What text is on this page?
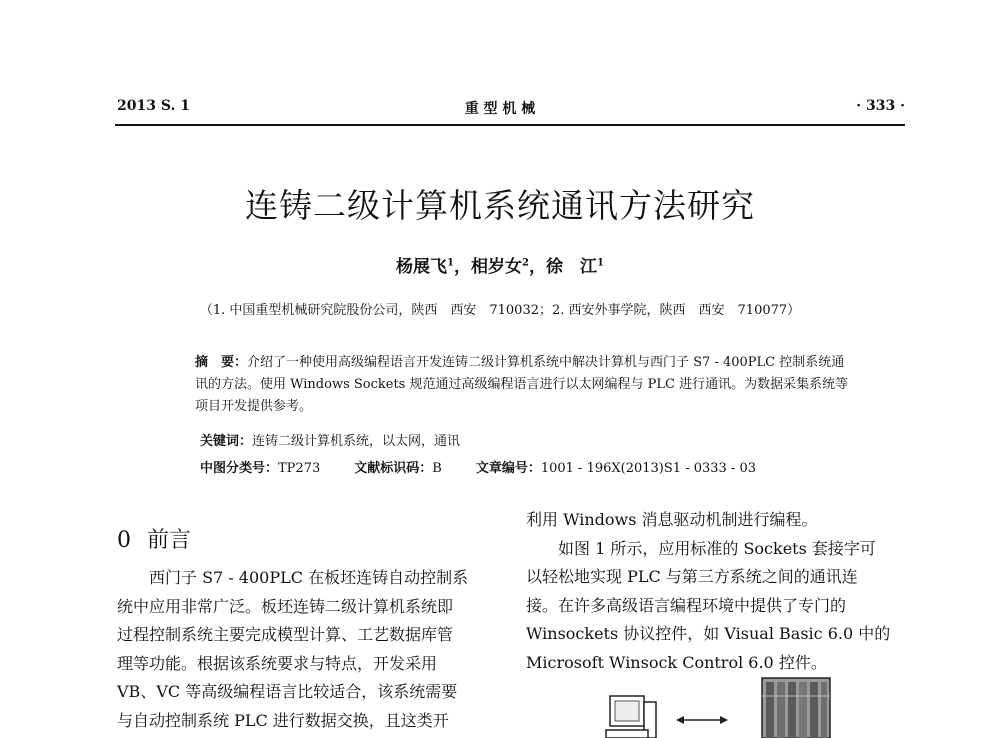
2013 S. 1	重 型 机 械	· 333 ·
连铸二级计算机系统通讯方法研究
杨展飞$^1$，相岁女$^2$，徐　江$^1$
（1. 中国重型机械研究院股份公司，陕西　西安　710032；2. 西安外事学院，陕西　西安　710077）
摘　要：介绍了一种使用高级编程语言开发连铸二级计算机系统中解决计算机与西门子 S7 - 400PLC 控制系统通讯的方法。使用 Windows Sockets 规范通过高级编程语言进行以太网编程与 PLC 进行通讯。为数据采集系统等项目开发提供参考。
关键词：连铸二级计算机系统，以太网，通讯
中图分类号：TP273	文献标识码：B	文章编号：1001 - 196X(2013)S1 - 0333 - 03
0 前言
　　西门子 S7 - 400PLC 在板坯连铸自动控制系
统中应用非常广泛。板坯连铸二级计算机系统即
过程控制系统主要完成模型计算、工艺数据库管
理等功能。根据该系统要求与特点，开发采用
VB、VC 等高级编程语言比较适合，该系统需要
与自动控制系统 PLC 进行数据交换，且这类开
利用 Windows 消息驱动机制进行编程。
　　如图 1 所示，应用标准的 Sockets 套接字可
以轻松地实现 PLC 与第三方系统之间的通讯连
接。在许多高级语言编程环境中提供了专门的
Winsockets 协议控件，如 Visual Basic 6.0 中的
Microsoft Winsock Control 6.0 控件。
